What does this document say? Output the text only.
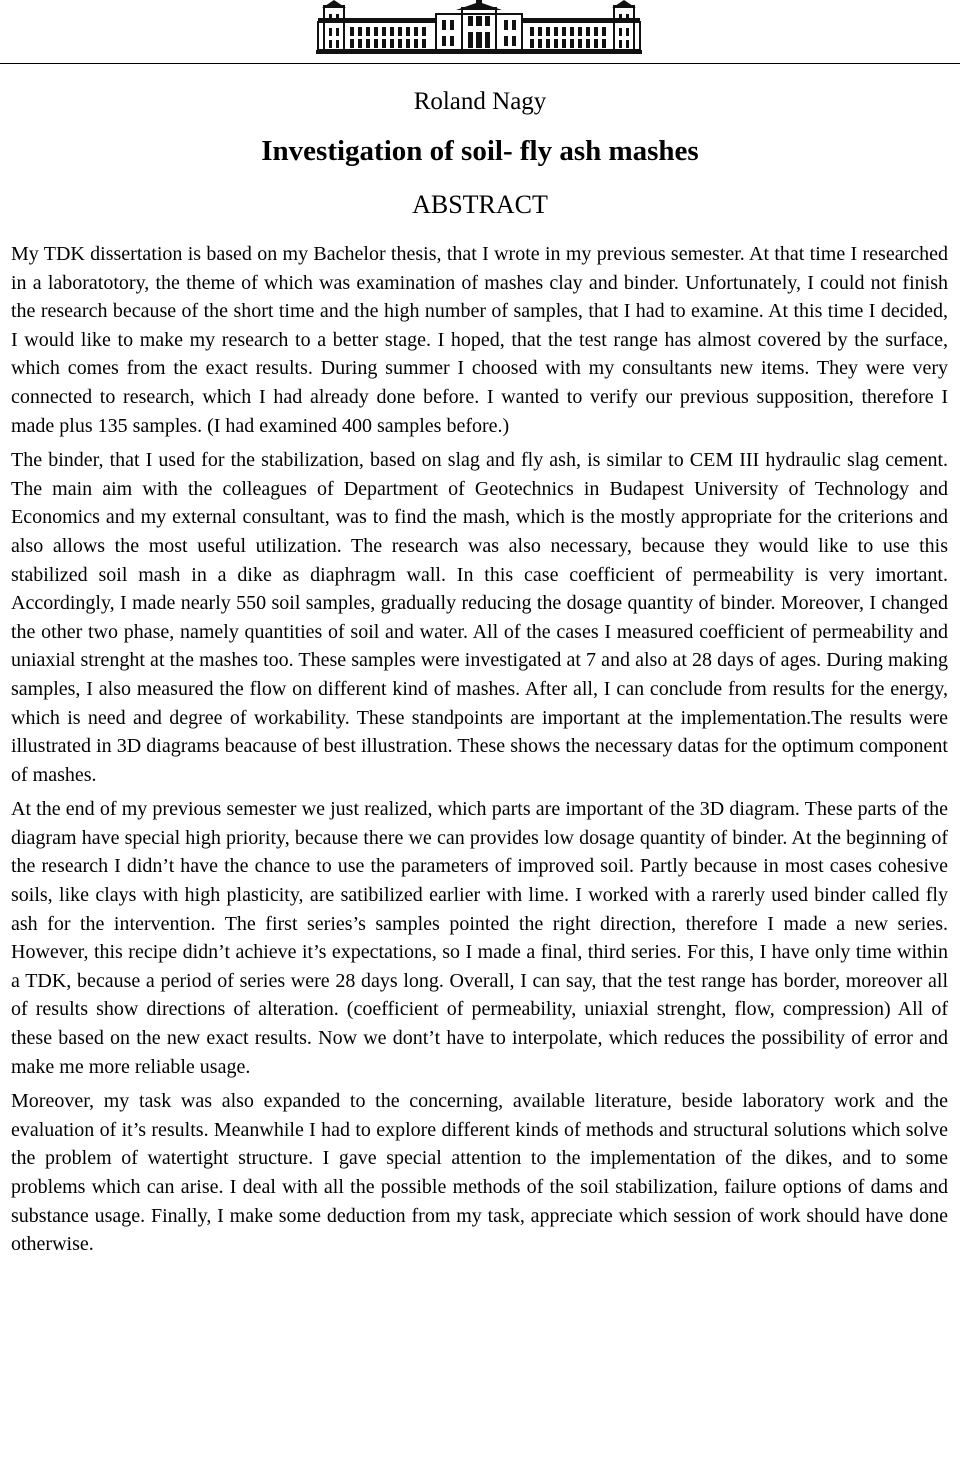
Roland Nagy
Investigation of soil- fly ash mashes
ABSTRACT

My TDK dissertation is based on my Bachelor thesis, that I wrote in my previous semester. At that time I researched in a laboratotory, the theme of which was examination of mashes clay and binder. Unfortunately, I could not finish the research because of the short time and the high number of samples, that I had to examine. At this time I decided, I would like to make my research to a better stage. I hoped, that the test range has almost covered by the surface, which comes from the exact results. During summer I choosed with my consultants new items. They were very connected to research, which I had already done before. I wanted to verify our previous supposition, therefore I made plus 135 samples. (I had examined 400 samples before.)

The binder, that I used for the stabilization, based on slag and fly ash, is similar to CEM III hydraulic slag cement. The main aim with the colleagues of Department of Geotechnics in Budapest University of Technology and Economics and my external consultant, was to find the mash, which is the mostly appropriate for the criterions and also allows the most useful utilization. The research was also necessary, because they would like to use this stabilized soil mash in a dike as diaphragm wall. In this case coefficient of permeability is very imortant. Accordingly, I made nearly 550 soil samples, gradually reducing the dosage quantity of binder. Moreover, I changed the other two phase, namely quantities of soil and water. All of the cases I measured coefficient of permeability and uniaxial strenght at the mashes too. These samples were investigated at 7 and also at 28 days of ages. During making samples, I also measured the flow on different kind of mashes. After all, I can conclude from results for the energy, which is need and degree of workability. These standpoints are important at the implementation.The results were illustrated in 3D diagrams beacause of best illustration. These shows the necessary datas for the optimum component of mashes.

At the end of my previous semester we just realized, which parts are important of the 3D diagram. These parts of the diagram have special high priority, because there we can provides low dosage quantity of binder. At the beginning of the research I didn’t have the chance to use the parameters of improved soil. Partly because in most cases cohesive soils, like clays with high plasticity, are satibilized earlier with lime. I worked with a rarerly used binder called fly ash for the intervention. The first series’s samples pointed the right direction, therefore I made a new series. However, this recipe didn’t achieve it’s expectations, so I made a final, third series. For this, I have only time within a TDK, because a period of series were 28 days long. Overall, I can say, that the test range has border, moreover all of results show directions of alteration. (coefficient of permeability, uniaxial strenght, flow, compression) All of these based on the new exact results. Now we dont’t have to interpolate, which reduces the possibility of error and make me more reliable usage.

Moreover, my task was also expanded to the concerning, available literature, beside laboratory work and the evaluation of it’s results. Meanwhile I had to explore different kinds of methods and structural solutions which solve the problem of watertight structure. I gave special attention to the implementation of the dikes, and to some problems which can arise. I deal with all the possible methods of the soil stabilization, failure options of dams and substance usage. Finally, I make some deduction from my task, appreciate which session of work should have done otherwise.
